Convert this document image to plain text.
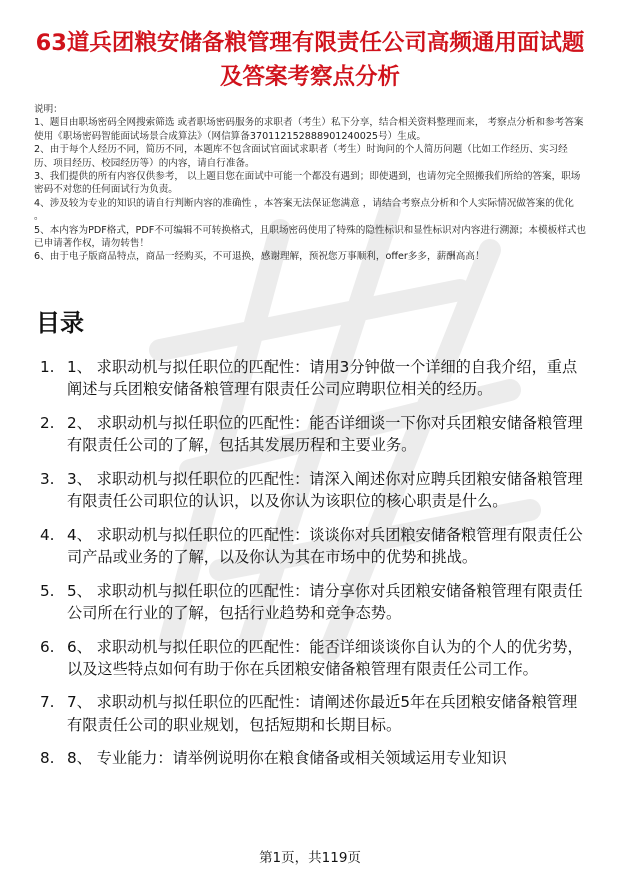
63道兵团粮安储备粮管理有限责任公司高频通用面试题及答案考察点分析

说明：

1、题目由职场密码全网搜索筛选 或者职场密码服务的求职者（考生）私下分享，结合相关资料整理而来， 考察点分析和参考答案使用《职场密码智能面试场景合成算法》（网信算备370112152888901240025号）生成。

2、由于每个人经历不同，简历不同，本题库不包含面试官面试求职者（考生）时询问的个人简历问题（比如工作经历、实习经历、项目经历、校园经历等）的内容，请自行准备。

3、我们提供的所有内容仅供参考， 以上题目您在面试中可能一个都没有遇到；即使遇到，也请勿完全照搬我们所给的答案，职场密码不对您的任何面试行为负责。

4、涉及较为专业的知识的请自行判断内容的准确性 ，本答案无法保证您满意 ，请结合考察点分析和个人实际情况做答案的优化 。

5、本内容为PDF格式，PDF不可编辑不可转换格式，且职场密码使用了特殊的隐性标识和显性标识对内容进行溯源；本模板样式也已申请著作权，请勿转售！

6、由于电子版商品特点，商品一经购买，不可退换，感谢理解，预祝您万事顺利，offer多多，薪酬高高！

目录
1. 1、 求职动机与拟任职位的匹配性：请用3分钟做一个详细的自我介绍，重点阐述与兵团粮安储备粮管理有限责任公司应聘职位相关的经历。
2. 2、 求职动机与拟任职位的匹配性：能否详细谈一下你对兵团粮安储备粮管理有限责任公司的了解，包括其发展历程和主要业务。
3. 3、 求职动机与拟任职位的匹配性：请深入阐述你对应聘兵团粮安储备粮管理有限责任公司职位的认识，以及你认为该职位的核心职责是什么。
4. 4、 求职动机与拟任职位的匹配性：谈谈你对兵团粮安储备粮管理有限责任公司产品或业务的了解，以及你认为其在市场中的优势和挑战。
5. 5、 求职动机与拟任职位的匹配性：请分享你对兵团粮安储备粮管理有限责任公司所在行业的了解，包括行业趋势和竞争态势。
6. 6、 求职动机与拟任职位的匹配性：能否详细谈谈你自认为的个人的优劣势，以及这些特点如何有助于你在兵团粮安储备粮管理有限责任公司工作。
7. 7、 求职动机与拟任职位的匹配性：请阐述你最近5年在兵团粮安储备粮管理有限责任公司的职业规划，包括短期和长期目标。
8. 8、 专业能力：请举例说明你在粮食储备或相关领域运用专业知识
第1页，共119页
